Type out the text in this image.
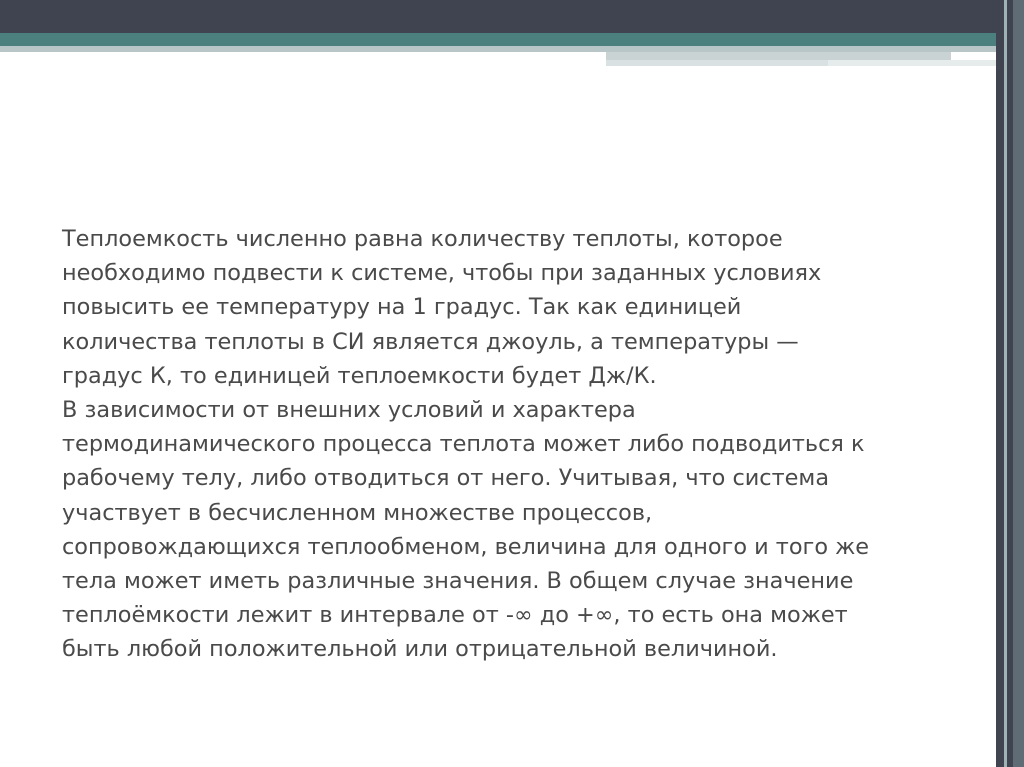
Теплоемкость численно равна количеству теплоты, которое

необходимо подвести к системе, чтобы при заданных условиях

повысить ее температуру на 1 градус. Так как единицей

количества теплоты в СИ является джоуль, а температуры —

градус К, то единицей теплоемкости будет Дж/К.

В зависимости от внешних условий и характера

термодинамического процесса теплота может либо подводиться к

рабочему телу, либо отводиться от него. Учитывая, что система

участвует в бесчисленном множестве процессов,

сопровождающихся теплообменом, величина для одного и того же

тела может иметь различные значения. В общем случае значение

теплоёмкости лежит в интервале от -∞ до +∞, то есть она может

быть любой положительной или отрицательной величиной.
